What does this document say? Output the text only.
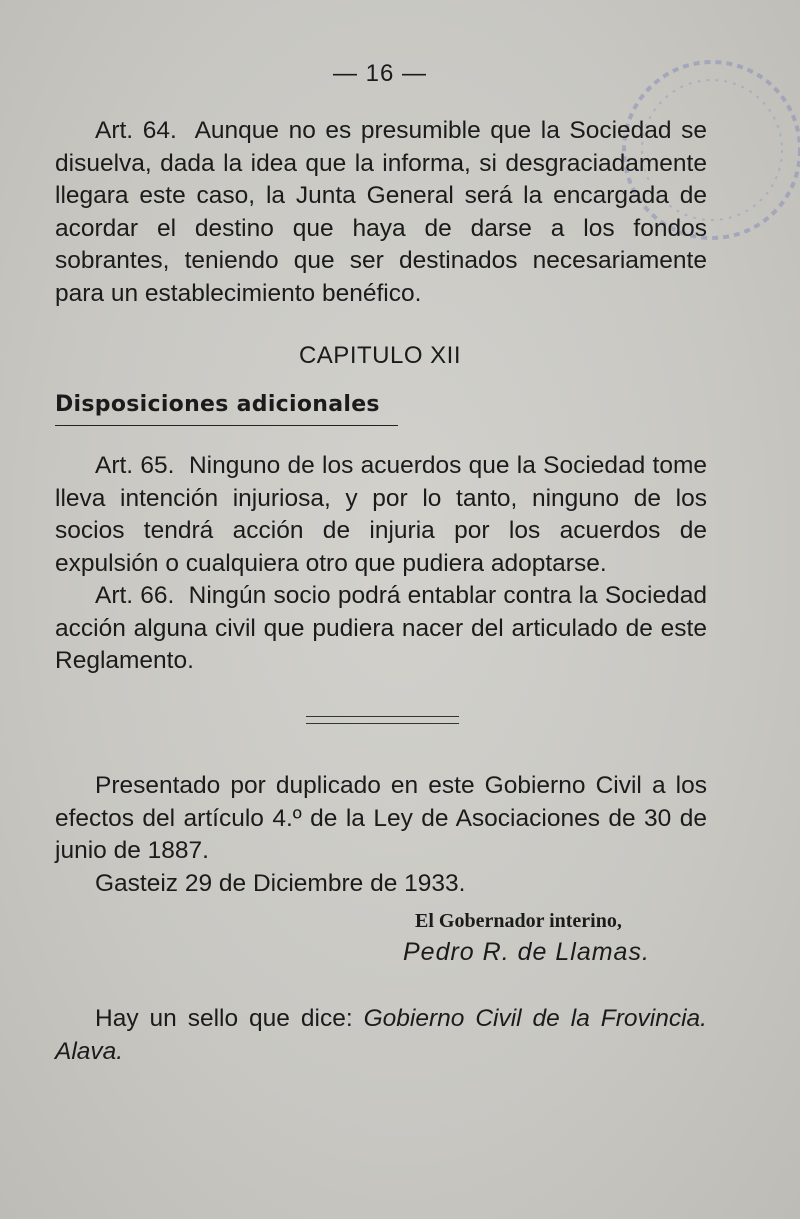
— 16 —
Art. 64. Aunque no es presumible que la Sociedad se disuelva, dada la idea que la informa, si desgraciadamente llegara este caso, la Junta General será la encargada de acordar el destino que haya de darse a los fondos sobrantes, teniendo que ser destinados necesariamente para un establecimiento benéfico.
CAPITULO XII
Disposiciones adicionales
Art. 65. Ninguno de los acuerdos que la Sociedad tome lleva intención injuriosa, y por lo tanto, ninguno de los socios tendrá acción de injuria por los acuerdos de expulsión o cualquiera otro que pudiera adoptarse.
Art. 66. Ningún socio podrá entablar contra la Sociedad acción alguna civil que pudiera nacer del articulado de este Reglamento.
Presentado por duplicado en este Gobierno Civil a los efectos del artículo 4.º de la Ley de Asociaciones de 30 de junio de 1887.
Gasteiz 29 de Diciembre de 1933.
El Gobernador interino,
Pedro R. de Llamas.
Hay un sello que dice: Gobierno Civil de la Frovincia. Alava.
